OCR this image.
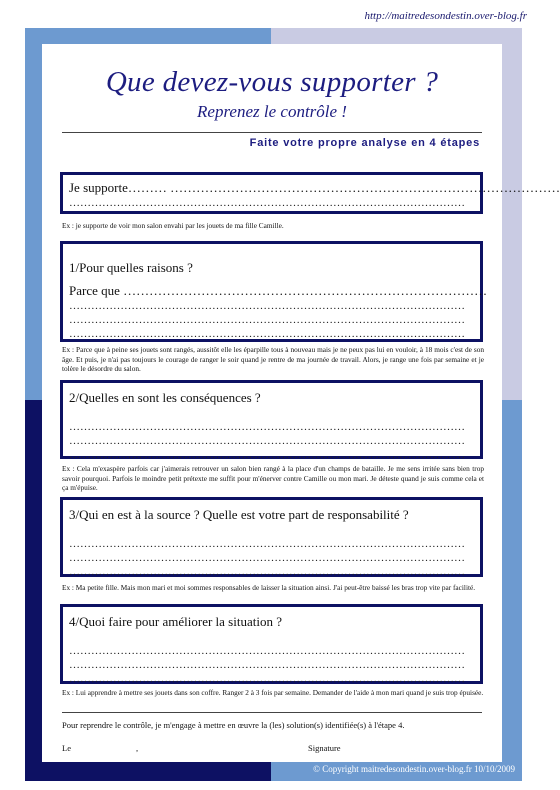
http://maitredesondestin.over-blog.fr
Que devez-vous supporter ?
Reprenez le contrôle !
Faite votre propre analyse en 4 étapes
Je supporte……… ………………………………………………………………………………
………………………………………………………………………………………………
Ex : je supporte de voir mon salon envahi par les jouets de ma fille Camille.
1/Pour quelles raisons ?
Parce que …………………………………………………………………………
………………………………………………………………………………………………
………………………………………………………………………………………………
………………………………………………………………………………………………
Ex : Parce que à peine ses jouets sont rangés, aussitôt elle les éparpille tous à nouveau mais je ne peux pas lui en vouloir, à 18 mois c'est de son âge. Et puis, je n'ai pas toujours le courage de ranger le soir quand je rentre de ma journée de travail. Alors, je range une fois par semaine et je tolère le désordre du salon.
2/Quelles en sont les conséquences ?
………………………………………………………………………………………………
………………………………………………………………………………………………
………………………………………………………………………………………………
Ex : Cela m'exaspère parfois car j'aimerais retrouver un salon bien rangé à la place d'un champs de bataille. Je me sens irritée sans bien trop savoir pourquoi. Parfois le moindre petit prétexte me suffit pour m'énerver contre Camille ou mon mari. Je déteste quand je suis comme cela et ça m'épuise.
3/Qui en est à la source ? Quelle est votre part de responsabilité ?
………………………………………………………………………………………………
………………………………………………………………………………………………
………………………………………………………………………………………………
Ex : Ma petite fille. Mais mon mari et moi sommes responsables de laisser la situation ainsi. J'ai peut-être baissé les bras trop vite par facilité.
4/Quoi faire pour améliorer la situation ?
………………………………………………………………………………………………
………………………………………………………………………………………………
………………………………………………………………………………………………
Ex : Lui apprendre à mettre ses jouets dans son coffre. Ranger 2 à 3 fois par semaine. Demander de l'aide à mon mari quand je suis trop épuisée.
Pour reprendre le contrôle, je m'engage à mettre en œuvre la (les) solution(s) identifiée(s) à l'étape 4.
Le	,	Signature
© Copyright maitredesondestin.over-blog.fr 10/10/2009
